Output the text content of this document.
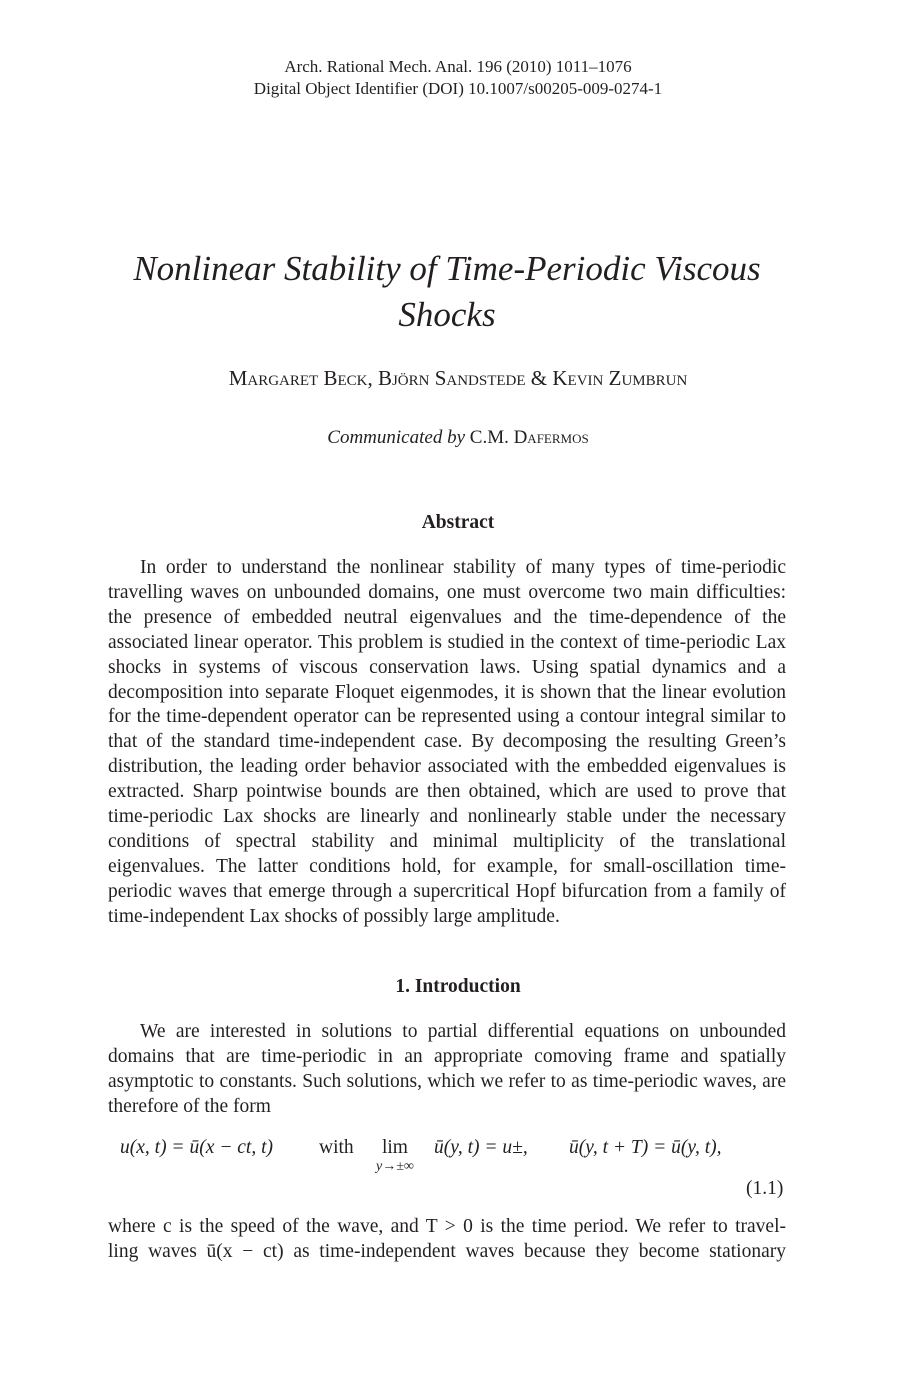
Arch. Rational Mech. Anal. 196 (2010) 1011–1076
Digital Object Identifier (DOI) 10.1007/s00205-009-0274-1
Nonlinear Stability of Time-Periodic Viscous
Shocks
Margaret Beck, Björn Sandstede & Kevin Zumbrun
Communicated by C.M. Dafermos
Abstract
In order to understand the nonlinear stability of many types of time-periodic travelling waves on unbounded domains, one must overcome two main difficulties: the presence of embedded neutral eigenvalues and the time-dependence of the associated linear operator. This problem is studied in the context of time-periodic Lax shocks in systems of viscous conservation laws. Using spatial dynamics and a decomposition into separate Floquet eigenmodes, it is shown that the linear evolution for the time-dependent operator can be represented using a contour integral similar to that of the standard time-independent case. By decomposing the resulting Green’s distribution, the leading order behavior associated with the embedded eigenvalues is extracted. Sharp pointwise bounds are then obtained, which are used to prove that time-periodic Lax shocks are linearly and nonlinearly stable under the necessary conditions of spectral stability and minimal multiplicity of the translational eigenvalues. The latter conditions hold, for example, for small-oscillation time-periodic waves that emerge through a supercritical Hopf bifurcation from a family of time-independent Lax shocks of possibly large amplitude.
1. Introduction
We are interested in solutions to partial differential equations on unbounded domains that are time-periodic in an appropriate comoving frame and spatially asymptotic to constants. Such solutions, which we refer to as time-periodic waves, are therefore of the form
u(x, t) = ū(x − ct, t) with	lim
y→±∞
ū(y, t) = u±, ū(y, t + T) = ū(y, t),
(1.1)
where c is the speed of the wave, and T > 0 is the time period. We refer to travel-
ling waves ū(x − ct) as time-independent waves because they become stationary
